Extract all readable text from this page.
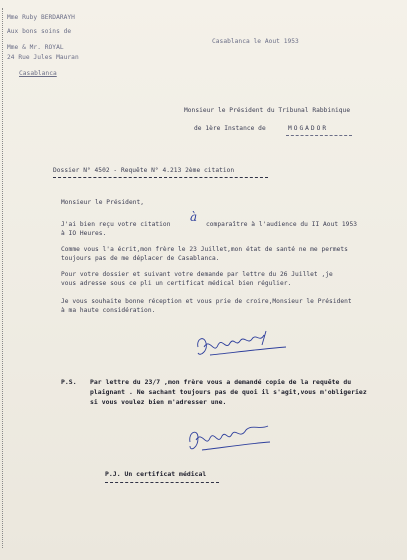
Mme Ruby BERDARAYH
Aux bons soins de
Mme & Mr. ROYAL
24 Rue Jules Mauran
Casablanca
Casablanca le Aout 1953
Monsieur le Président du Tribunal Rabbinique
de 1ère Instance de	MOGADOR
Dossier N° 4502 - Requête N° 4.213 2ème citation
Monsieur le Président,
J'ai bien reçu votre citation
à
comparaître à l'audience du II Aout 1953
à IO Heures.
Comme vous l'a écrit,mon frère le 23 Juillet,mon état de santé ne me permets
toujours pas de me déplacer de Casablanca.
Pour votre dossier et suivant votre demande par lettre du 26 Juillet ,je
vous adresse sous ce pli un certificat médical bien régulier.
Je vous souhaite bonne réception et vous prie de croire,Monsieur le Président
à ma haute considération.
P.S. Par lettre du 23/7 ,mon frère vous a demandé copie de la requête du
plaignant . Ne sachant toujours pas de quoi il s'agit,vous m'obligeriez
si vous voulez bien m'adresser une.
P.J. Un certificat médical
